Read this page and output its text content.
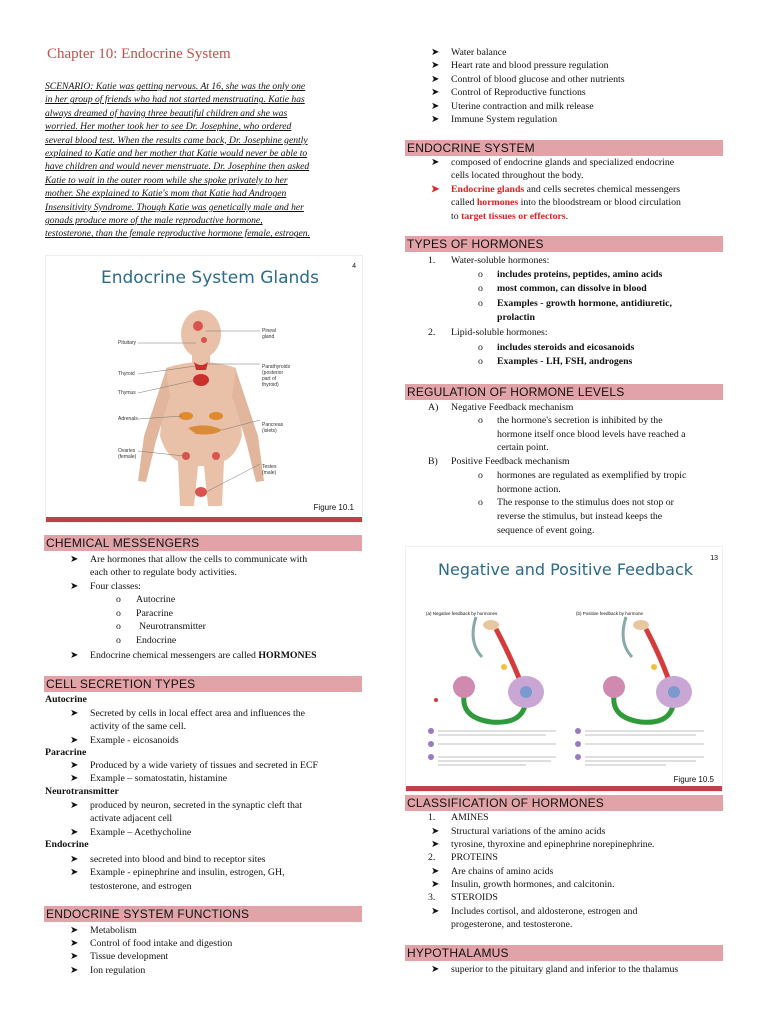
Chapter 10: Endocrine System
SCENARIO: Katie was getting nervous. At 16, she was the only one
in her group of friends who had not started menstruating. Katie has
always dreamed of having three beautiful children and she was
worried. Her mother took her to see Dr. Josephine, who ordered
several blood test. When the results came back, Dr. Josephine gently
explained to Katie and her mother that Katie would never be able to
have children and would never menstruate. Dr. Josephine then asked
Katie to wait in the outer room while she spoke privately to her
mother. She explained to Katie's mom that Katie had Androgen
Insensitivity Syndrome. Though Katie was genetically male and her
gonads produce more of the male reproductive hormone,
testosterone, than the female reproductive hormone female, estrogen.
Endocrine System Glands
4
Pituitary
Thyroid
Thymus
Adrenals
Ovaries
(female)
Pineal
gland
Parathyroids
(posterior
part of
thyroid)
Pancreas
(islets)
Testes
(male)
Figure 10.1
CHEMICAL MESSENGERS
➤ Are hormones that allow the cells to communicate with
each other to regulate body activities.
➤ Four classes:
o Autocrine
o Paracrine
o Neurotransmitter
o Endocrine
➤ Endocrine chemical messengers are called HORMONES
CELL SECRETION TYPES
Autocrine
➤ Secreted by cells in local effect area and influences the
activity of the same cell.
➤ Example - eicosanoids
Paracrine
➤ Produced by a wide variety of tissues and secreted in ECF
➤ Example – somatostatin, histamine
Neurotransmitter
➤ produced by neuron, secreted in the synaptic cleft that
activate adjacent cell
➤ Example – Acethycholine
Endocrine
➤ secreted into blood and bind to receptor sites
➤ Example - epinephrine and insulin, estrogen, GH,
testosterone, and estrogen
ENDOCRINE SYSTEM FUNCTIONS
➤ Metabolism
➤ Control of food intake and digestion
➤ Tissue development
➤ Ion regulation
➤ Water balance
➤ Heart rate and blood pressure regulation
➤ Control of blood glucose and other nutrients
➤ Control of Reproductive functions
➤ Uterine contraction and milk release
➤ Immune System regulation
ENDOCRINE SYSTEM
➤ composed of endocrine glands and specialized endocrine
cells located throughout the body.
➤ Endocrine glands and cells secretes chemical messengers
called hormones into the bloodstream or blood circulation
to target tissues or effectors.
TYPES OF HORMONES
1. Water-soluble hormones:
o includes proteins, peptides, amino acids
o most common, can dissolve in blood
o Examples - growth hormone, antidiuretic,
prolactin
2. Lipid-soluble hormones:
o includes steroids and eicosanoids
o Examples - LH, FSH, androgens
REGULATION OF HORMONE LEVELS
A) Negative Feedback mechanism
o the hormone's secretion is inhibited by the
hormone itself once blood levels have reached a
certain point.
B) Positive Feedback mechanism
o hormones are regulated as exemplified by tropic
hormone action.
o The response to the stimulus does not stop or
reverse the stimulus, but instead keeps the
sequence of event going.
13
Negative and Positive Feedback
(a) Negative feedback by hormones	(b) Positive feedback by hormone
Figure 10.5
CLASSIFICATION OF HORMONES
1. AMINES
➤ Structural variations of the amino acids
➤ tyrosine, thyroxine and epinephrine norepinephrine.
2. PROTEINS
➤ Are chains of amino acids
➤ Insulin, growth hormones, and calcitonin.
3. STEROIDS
➤ Includes cortisol, and aldosterone, estrogen and
progesterone, and testosterone.
HYPOTHALAMUS
➤ superior to the pituitary gland and inferior to the thalamus
